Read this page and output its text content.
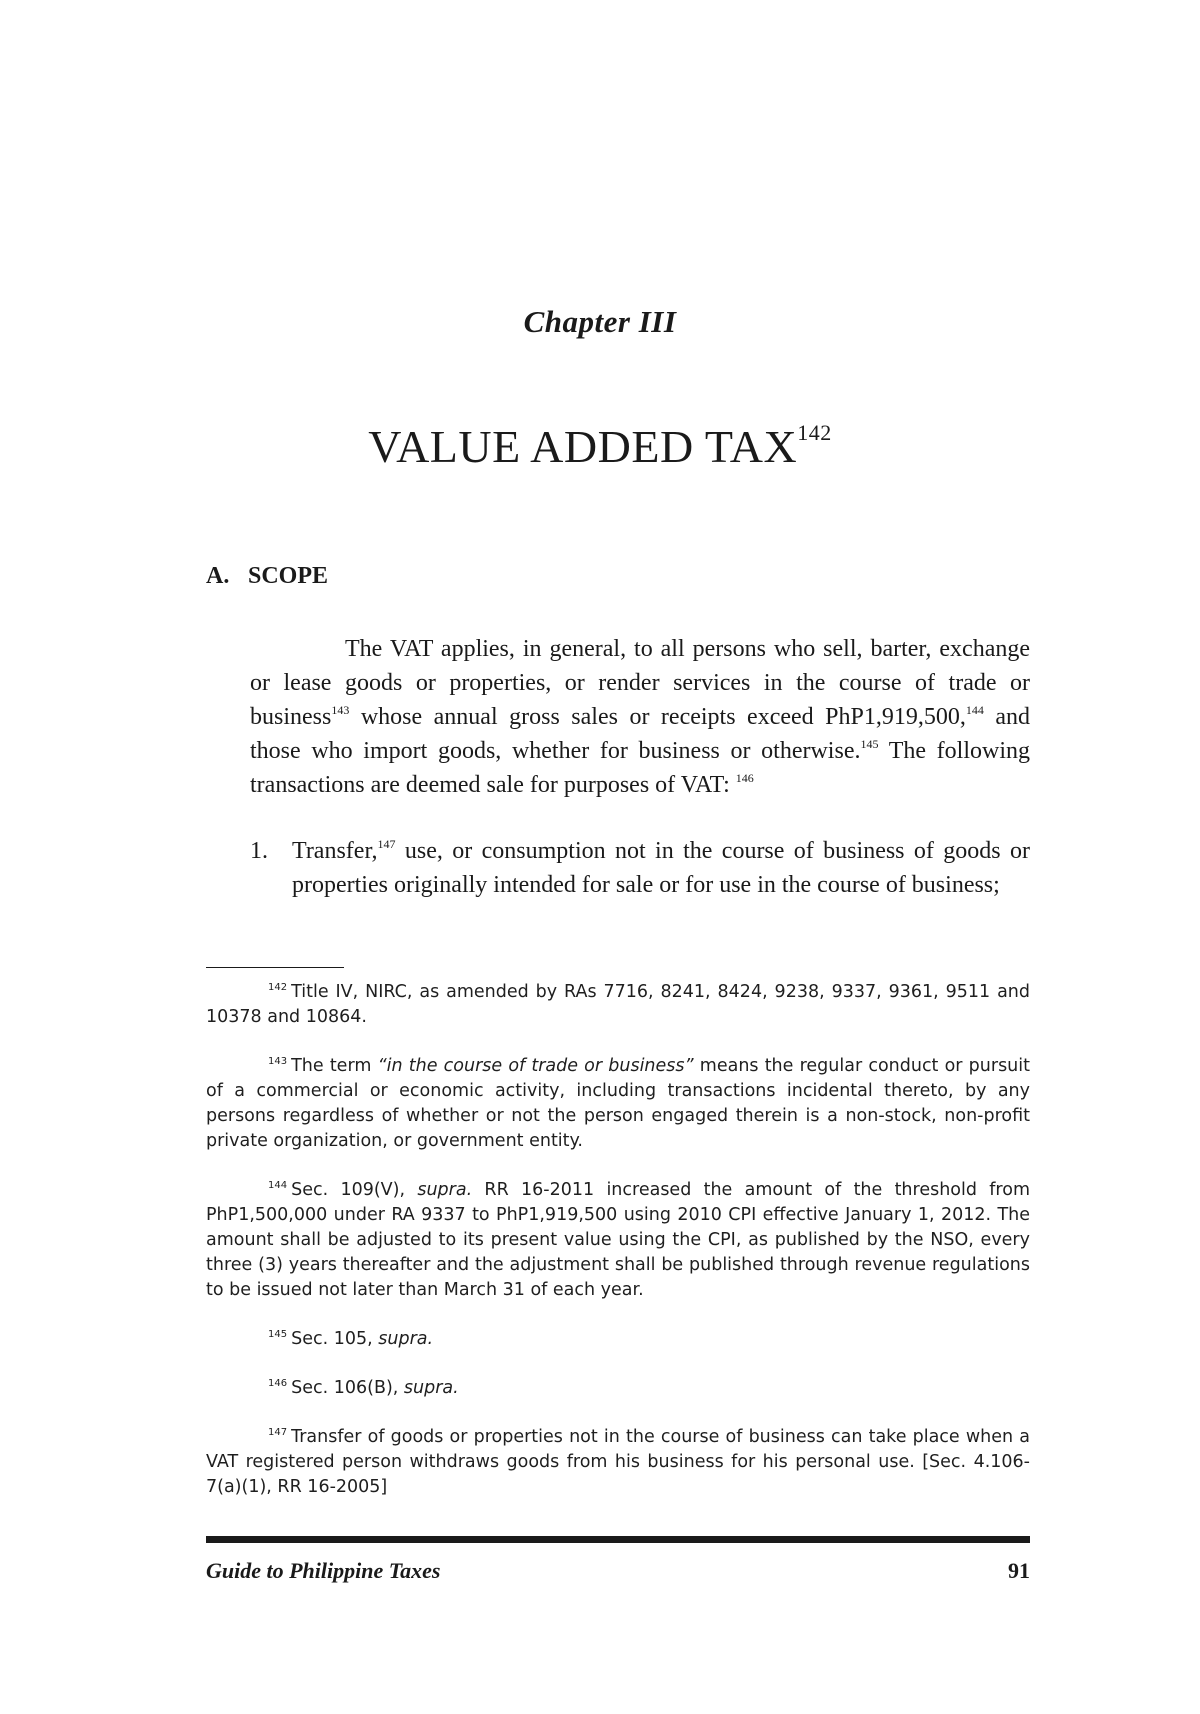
Chapter III
VALUE ADDED TAX$^{142}$
A. SCOPE

The VAT applies, in general, to all persons who sell, barter, exchange or lease goods or properties, or render services in the course of trade or business$^{143}$ whose annual gross sales or receipts exceed PhP1,919,500,$^{144}$ and those who import goods, whether for business or otherwise.$^{145}$ The following transactions are deemed sale for purposes of VAT: $^{146}$

1. Transfer,$^{147}$ use, or consumption not in the course of business of goods or properties originally intended for sale or for use in the course of business;

$^{142}$ Title IV, NIRC, as amended by RAs 7716, 8241, 8424, 9238, 9337, 9361, 9511 and 10378 and 10864.

$^{143}$ The term “in the course of trade or business” means the regular conduct or pursuit of a commercial or economic activity, including transactions incidental thereto, by any persons regardless of whether or not the person engaged therein is a non-stock, non-profit private organization, or government entity.

$^{144}$ Sec. 109(V), supra. RR 16-2011 increased the amount of the threshold from PhP1,500,000 under RA 9337 to PhP1,919,500 using 2010 CPI effective January 1, 2012. The amount shall be adjusted to its present value using the CPI, as published by the NSO, every three (3) years thereafter and the adjustment shall be published through revenue regulations to be issued not later than March 31 of each year.

$^{145}$ Sec. 105, supra.

$^{146}$ Sec. 106(B), supra.

$^{147}$ Transfer of goods or properties not in the course of business can take place when a VAT registered person withdraws goods from his business for his personal use. [Sec. 4.106-7(a)(1), RR 16-2005]

Guide to Philippine Taxes	91
